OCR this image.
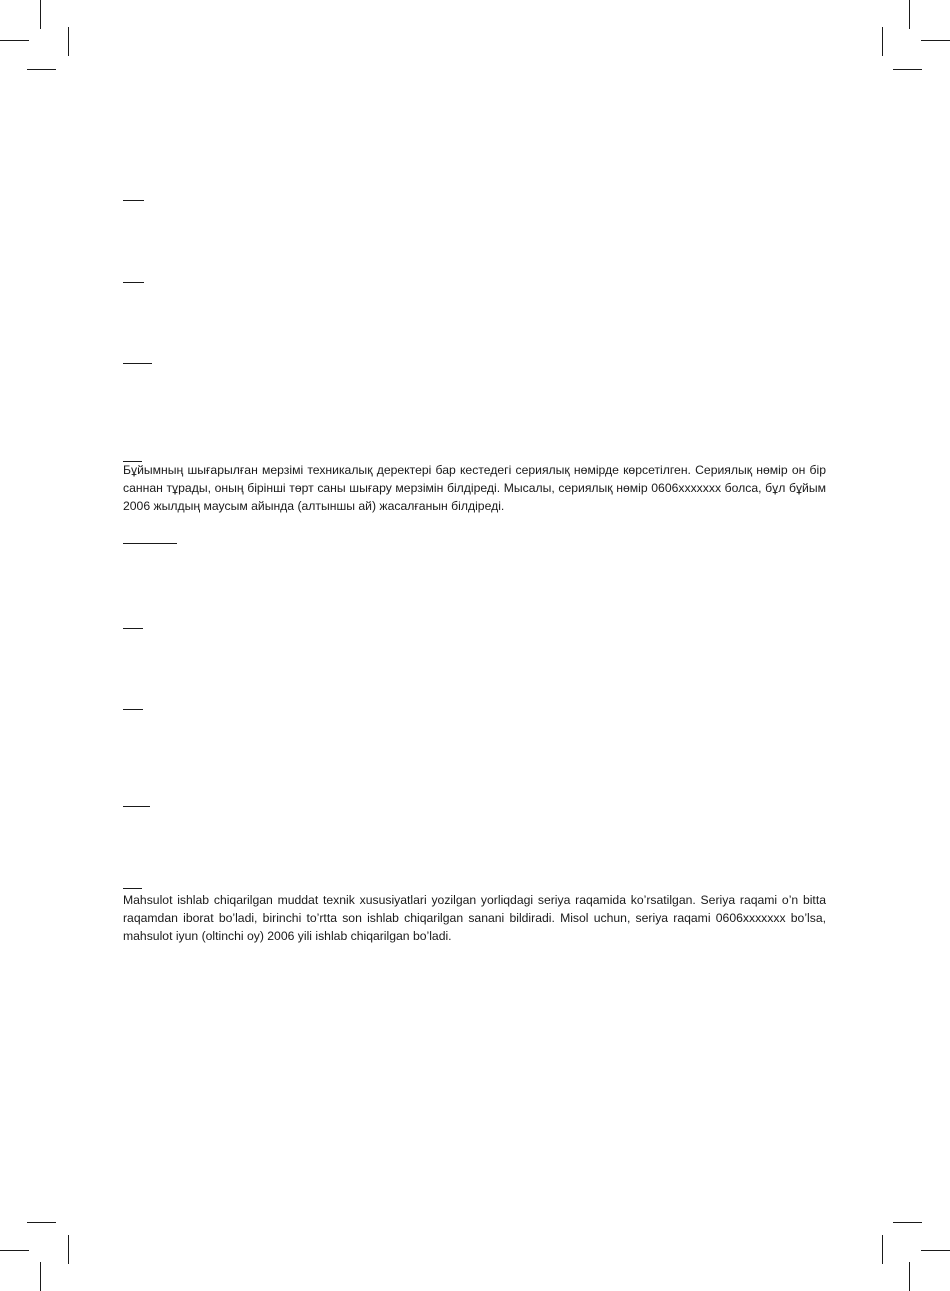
Бұйымның шығарылған мерзімі техникалық деректері бар кестедегі сериялық нөмірде көрсетілген. Сериялық нөмір он бір саннан тұрады, оның бірінші төрт саны шығару мерзімін білдіреді. Мысалы, сериялық нөмір 0606xxxxxxx болса, бұл бұйым 2006 жылдың маусым айында (алтыншы ай) жасалғанын білдіреді.

Mahsulot ishlab chiqarilgan muddat texnik xususiyatlari yozilgan yorliqdagi seriya raqamida ko’rsatilgan. Seriya raqami o’n bitta raqamdan iborat bo’ladi, birinchi to’rtta son ishlab chiqarilgan sanani bildiradi. Misol uchun, seriya raqami 0606xxxxxxx bo’lsa, mahsulot iyun (oltinchi oy) 2006 yili ishlab chiqarilgan bo’ladi.
